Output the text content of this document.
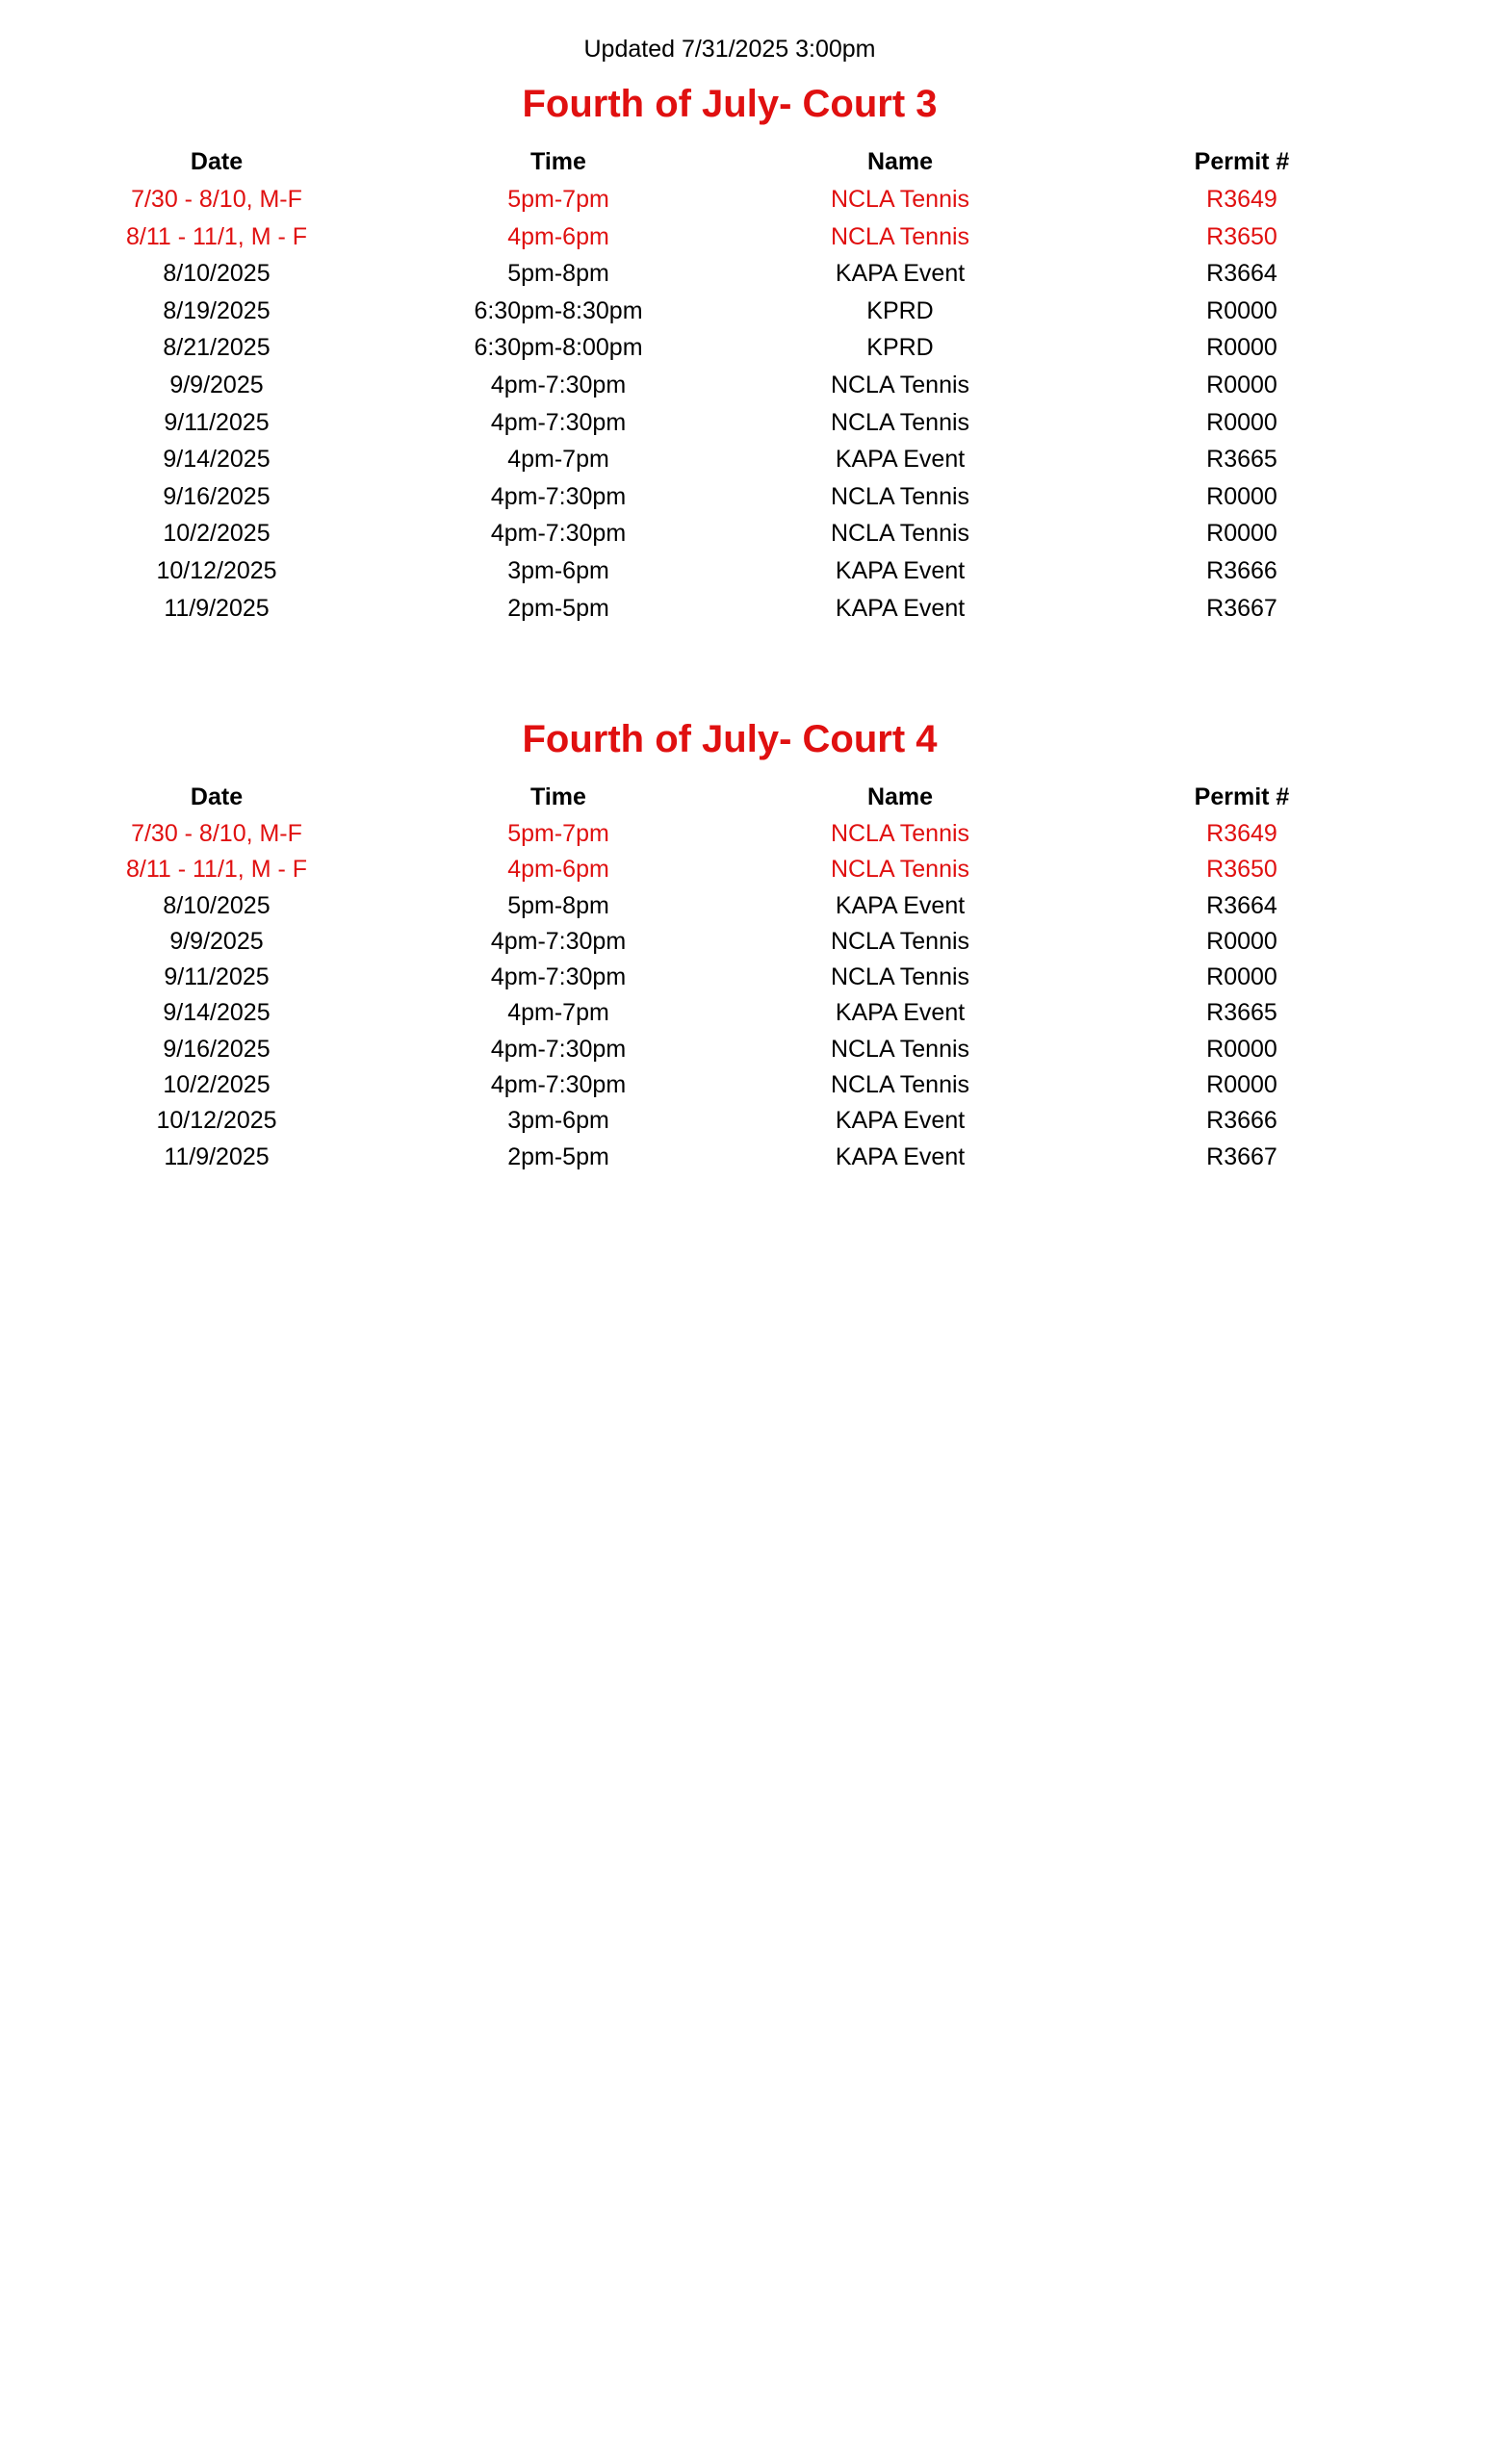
Updated 7/31/2025 3:00pm
Fourth of July- Court 3
Date	Time	Name	Permit #
7/30 - 8/10, M-F	5pm-7pm	NCLA Tennis	R3649
8/11 - 11/1, M - F	4pm-6pm	NCLA Tennis	R3650
8/10/2025	5pm-8pm	KAPA Event	R3664
8/19/2025	6:30pm-8:30pm	KPRD	R0000
8/21/2025	6:30pm-8:00pm	KPRD	R0000
9/9/2025	4pm-7:30pm	NCLA Tennis	R0000
9/11/2025	4pm-7:30pm	NCLA Tennis	R0000
9/14/2025	4pm-7pm	KAPA Event	R3665
9/16/2025	4pm-7:30pm	NCLA Tennis	R0000
10/2/2025	4pm-7:30pm	NCLA Tennis	R0000
10/12/2025	3pm-6pm	KAPA Event	R3666
11/9/2025	2pm-5pm	KAPA Event	R3667
Fourth of July- Court 4
Date	Time	Name	Permit #
7/30 - 8/10, M-F	5pm-7pm	NCLA Tennis	R3649
8/11 - 11/1, M - F	4pm-6pm	NCLA Tennis	R3650
8/10/2025	5pm-8pm	KAPA Event	R3664
9/9/2025	4pm-7:30pm	NCLA Tennis	R0000
9/11/2025	4pm-7:30pm	NCLA Tennis	R0000
9/14/2025	4pm-7pm	KAPA Event	R3665
9/16/2025	4pm-7:30pm	NCLA Tennis	R0000
10/2/2025	4pm-7:30pm	NCLA Tennis	R0000
10/12/2025	3pm-6pm	KAPA Event	R3666
11/9/2025	2pm-5pm	KAPA Event	R3667
